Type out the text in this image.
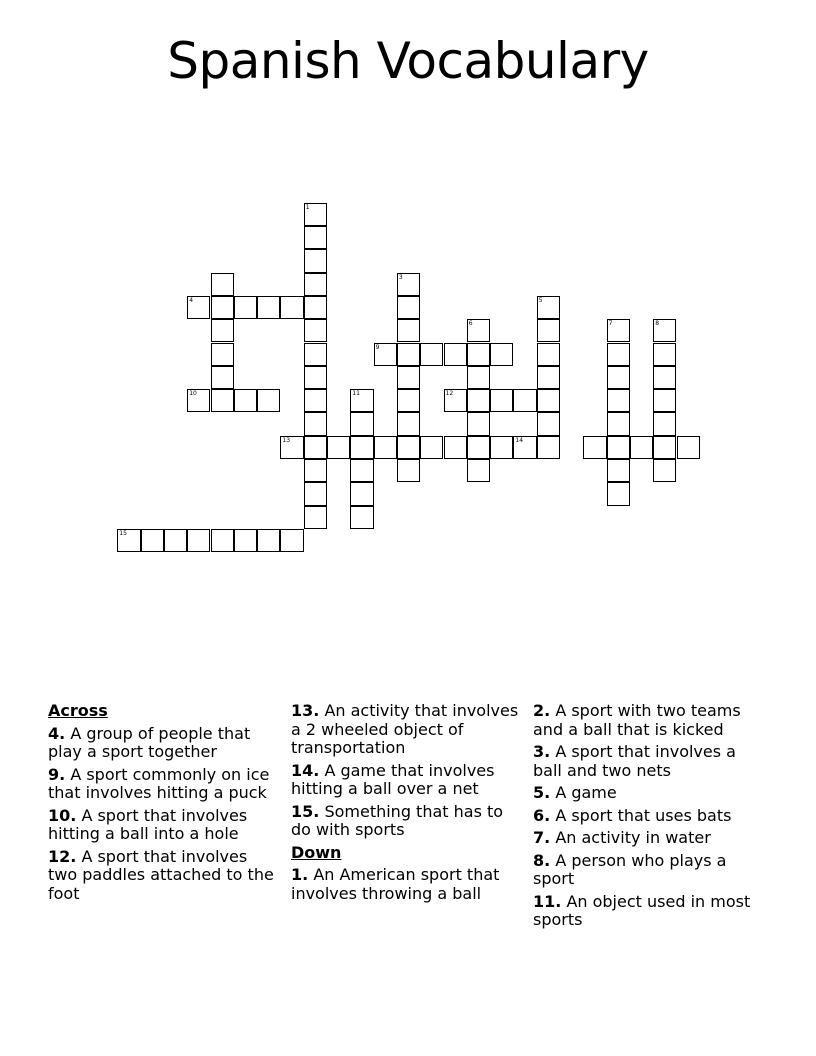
Spanish Vocabulary
1
4
3
9
5
6	7	8
10	11	12
13	14
15
Across
4. A group of people that play a sport together
9. A sport commonly on ice that involves hitting a puck
10. A sport that involves hitting a ball into a hole
12. A sport that involves two paddles attached to the foot
13. An activity that involves a 2 wheeled object of transportation
14. A game that involves hitting a ball over a net
15. Something that has to do with sports
Down
1. An American sport that involves throwing a ball
2. A sport with two teams and a ball that is kicked
3. A sport that involves a ball and two nets
5. A game
6. A sport that uses bats
7. An activity in water
8. A person who plays a sport
11. An object used in most sports
